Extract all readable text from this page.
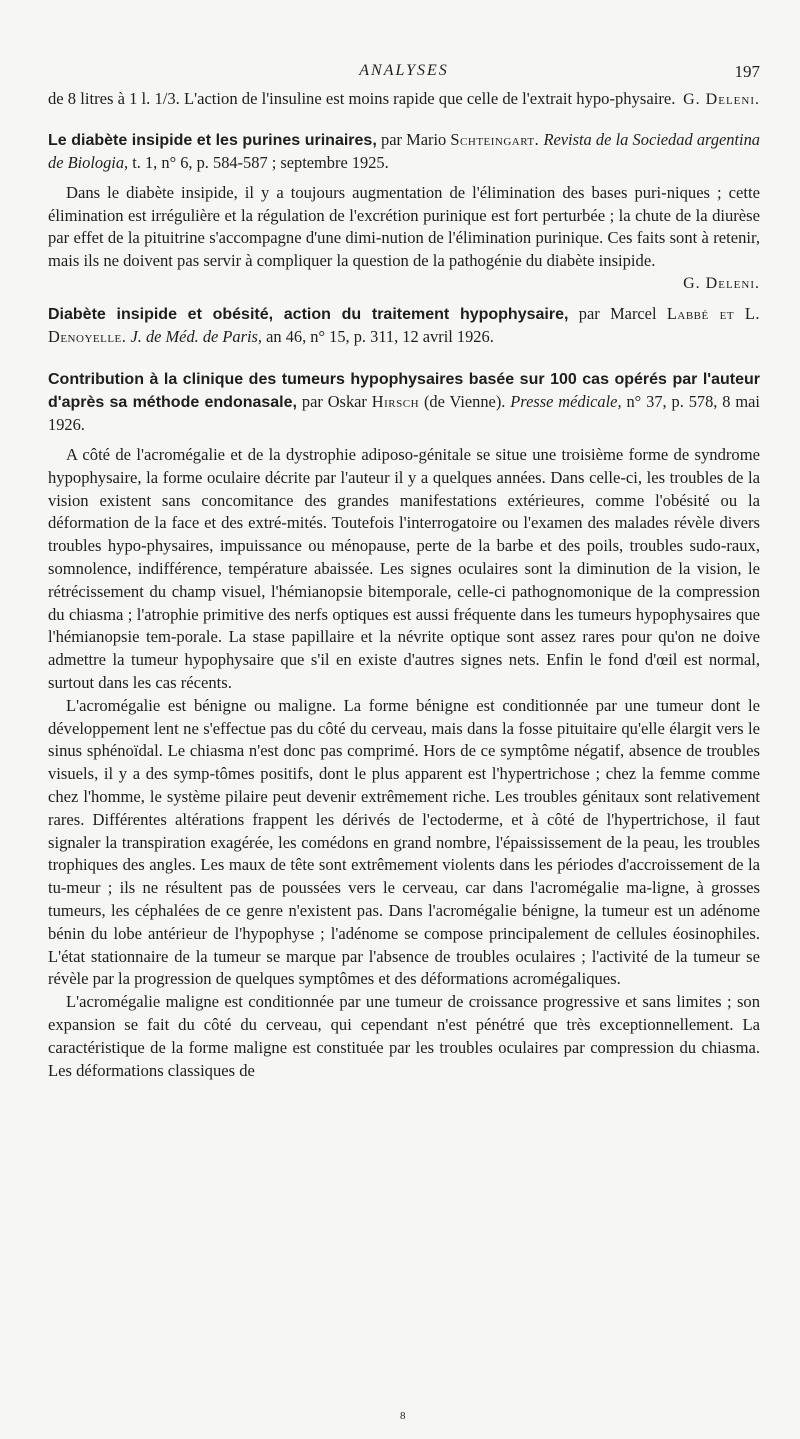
ANALYSES	197

de 8 litres à 1 l. 1/3. L'action de l'insuline est moins rapide que celle de l'extrait hypo-physaire. G. Deleni.

Le diabète insipide et les purines urinaires, par Mario Schteingart. Revista de la Sociedad argentina de Biologia, t. 1, n° 6, p. 584-587 ; septembre 1925.

Dans le diabète insipide, il y a toujours augmentation de l'élimination des bases puri-niques ; cette élimination est irrégulière et la régulation de l'excrétion purinique est fort perturbée ; la chute de la diurèse par effet de la pituitrine s'accompagne d'une dimi-nution de l'élimination purinique. Ces faits sont à retenir, mais ils ne doivent pas servir à compliquer la question de la pathogénie du diabète insipide.

G. Deleni.

Diabète insipide et obésité, action du traitement hypophysaire, par Marcel Labbé et L. Denoyelle. J. de Méd. de Paris, an 46, n° 15, p. 311, 12 avril 1926.
Contribution à la clinique des tumeurs hypophysaires basée sur 100 cas opérés par l'auteur d'après sa méthode endonasale, par Oskar Hirsch (de Vienne). Presse médicale, n° 37, p. 578, 8 mai 1926.

A côté de l'acromégalie et de la dystrophie adiposo-génitale se situe une troisième forme de syndrome hypophysaire, la forme oculaire décrite par l'auteur il y a quelques années. Dans celle-ci, les troubles de la vision existent sans concomitance des grandes manifestations extérieures, comme l'obésité ou la déformation de la face et des extré-mités. Toutefois l'interrogatoire ou l'examen des malades révèle divers troubles hypo-physaires, impuissance ou ménopause, perte de la barbe et des poils, troubles sudo-raux, somnolence, indifférence, température abaissée. Les signes oculaires sont la diminution de la vision, le rétrécissement du champ visuel, l'hémianopsie bitemporale, celle-ci pathognomonique de la compression du chiasma ; l'atrophie primitive des nerfs optiques est aussi fréquente dans les tumeurs hypophysaires que l'hémianopsie tem-porale. La stase papillaire et la névrite optique sont assez rares pour qu'on ne doive admettre la tumeur hypophysaire que s'il en existe d'autres signes nets. Enfin le fond d'œil est normal, surtout dans les cas récents.

L'acromégalie est bénigne ou maligne. La forme bénigne est conditionnée par une tumeur dont le développement lent ne s'effectue pas du côté du cerveau, mais dans la fosse pituitaire qu'elle élargit vers le sinus sphénoïdal. Le chiasma n'est donc pas comprimé. Hors de ce symptôme négatif, absence de troubles visuels, il y a des symp-tômes positifs, dont le plus apparent est l'hypertrichose ; chez la femme comme chez l'homme, le système pilaire peut devenir extrêmement riche. Les troubles génitaux sont relativement rares. Différentes altérations frappent les dérivés de l'ectoderme, et à côté de l'hypertrichose, il faut signaler la transpiration exagérée, les comédons en grand nombre, l'épaississement de la peau, les troubles trophiques des angles. Les maux de tête sont extrêmement violents dans les périodes d'accroissement de la tu-meur ; ils ne résultent pas de poussées vers le cerveau, car dans l'acromégalie ma-ligne, à grosses tumeurs, les céphalées de ce genre n'existent pas. Dans l'acromégalie bénigne, la tumeur est un adénome bénin du lobe antérieur de l'hypophyse ; l'adénome se compose principalement de cellules éosinophiles. L'état stationnaire de la tumeur se marque par l'absence de troubles oculaires ; l'activité de la tumeur se révèle par la progression de quelques symptômes et des déformations acromégaliques.

L'acromégalie maligne est conditionnée par une tumeur de croissance progressive et sans limites ; son expansion se fait du côté du cerveau, qui cependant n'est pénétré que très exceptionnellement. La caractéristique de la forme maligne est constituée par les troubles oculaires par compression du chiasma. Les déformations classiques de

8
